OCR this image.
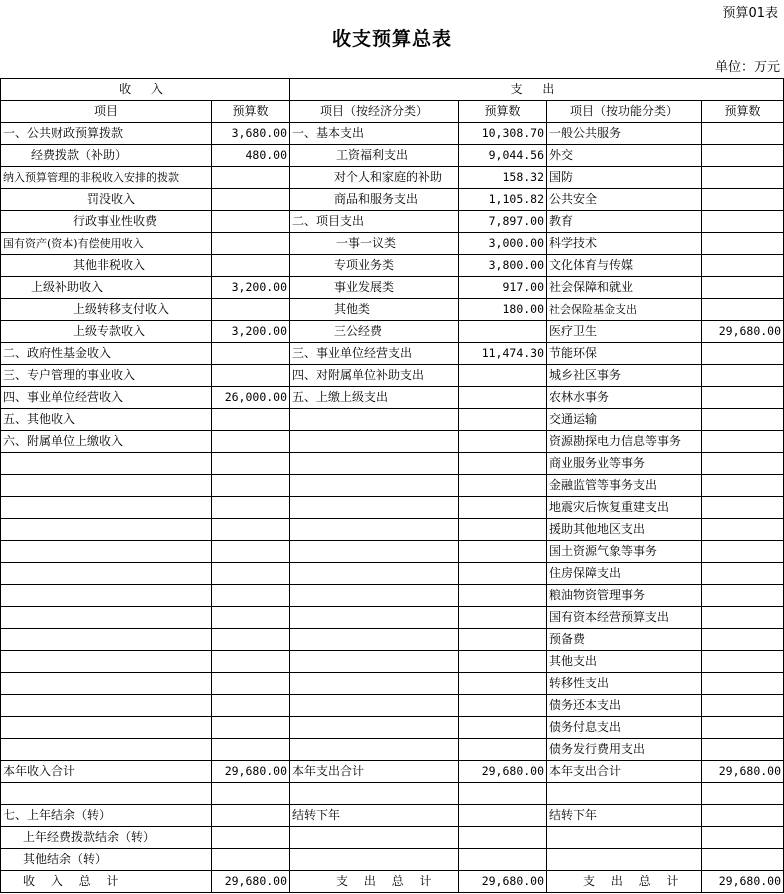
预算01表
收支预算总表
单位：万元
收 入		支 出			
项目	预算数	项目（按经济分类）	预算数	项目（按功能分类）	预算数
一、公共财政预算拨款	3,680.00	一、基本支出	10,308.70	一般公共服务	
经费拨款（补助）	480.00	工资福利支出	9,044.56	外交	
纳入预算管理的非税收入安排的拨款		对个人和家庭的补助	158.32	国防	
罚没收入		商品和服务支出	1,105.82	公共安全	
行政事业性收费		二、项目支出	7,897.00	教育	
国有资产(资本)有偿使用收入		一事一议类	3,000.00	科学技术	
其他非税收入		专项业务类	3,800.00	文化体育与传媒	
上级补助收入	3,200.00	事业发展类	917.00	社会保障和就业	
上级转移支付收入		其他类	180.00	社会保险基金支出	
上级专款收入	3,200.00	三公经费		医疗卫生	29,680.00
二、政府性基金收入		三、事业单位经营支出	11,474.30	节能环保	
三、专户管理的事业收入		四、对附属单位补助支出		城乡社区事务	
四、事业单位经营收入	26,000.00	五、上缴上级支出		农林水事务	
五、其他收入				交通运输	
六、附属单位上缴收入				资源勘探电力信息等事务	
				商业服务业等事务	
				金融监管等事务支出	
				地震灾后恢复重建支出	
				援助其他地区支出	
				国土资源气象等事务	
				住房保障支出	
				粮油物资管理事务	
				国有资本经营预算支出	
				预备费	
				其他支出	
				转移性支出	
				债务还本支出	
				债务付息支出	
				债务发行费用支出	
本年收入合计	29,680.00	本年支出合计	29,680.00	本年支出合计	29,680.00

七、上年结余（转）		结转下年		结转下年	
上年经费拨款结余（转）					
其他结余（转）					
收 入 总 计	29,680.00	支 出 总 计	29,680.00	支 出 总 计	29,680.00
